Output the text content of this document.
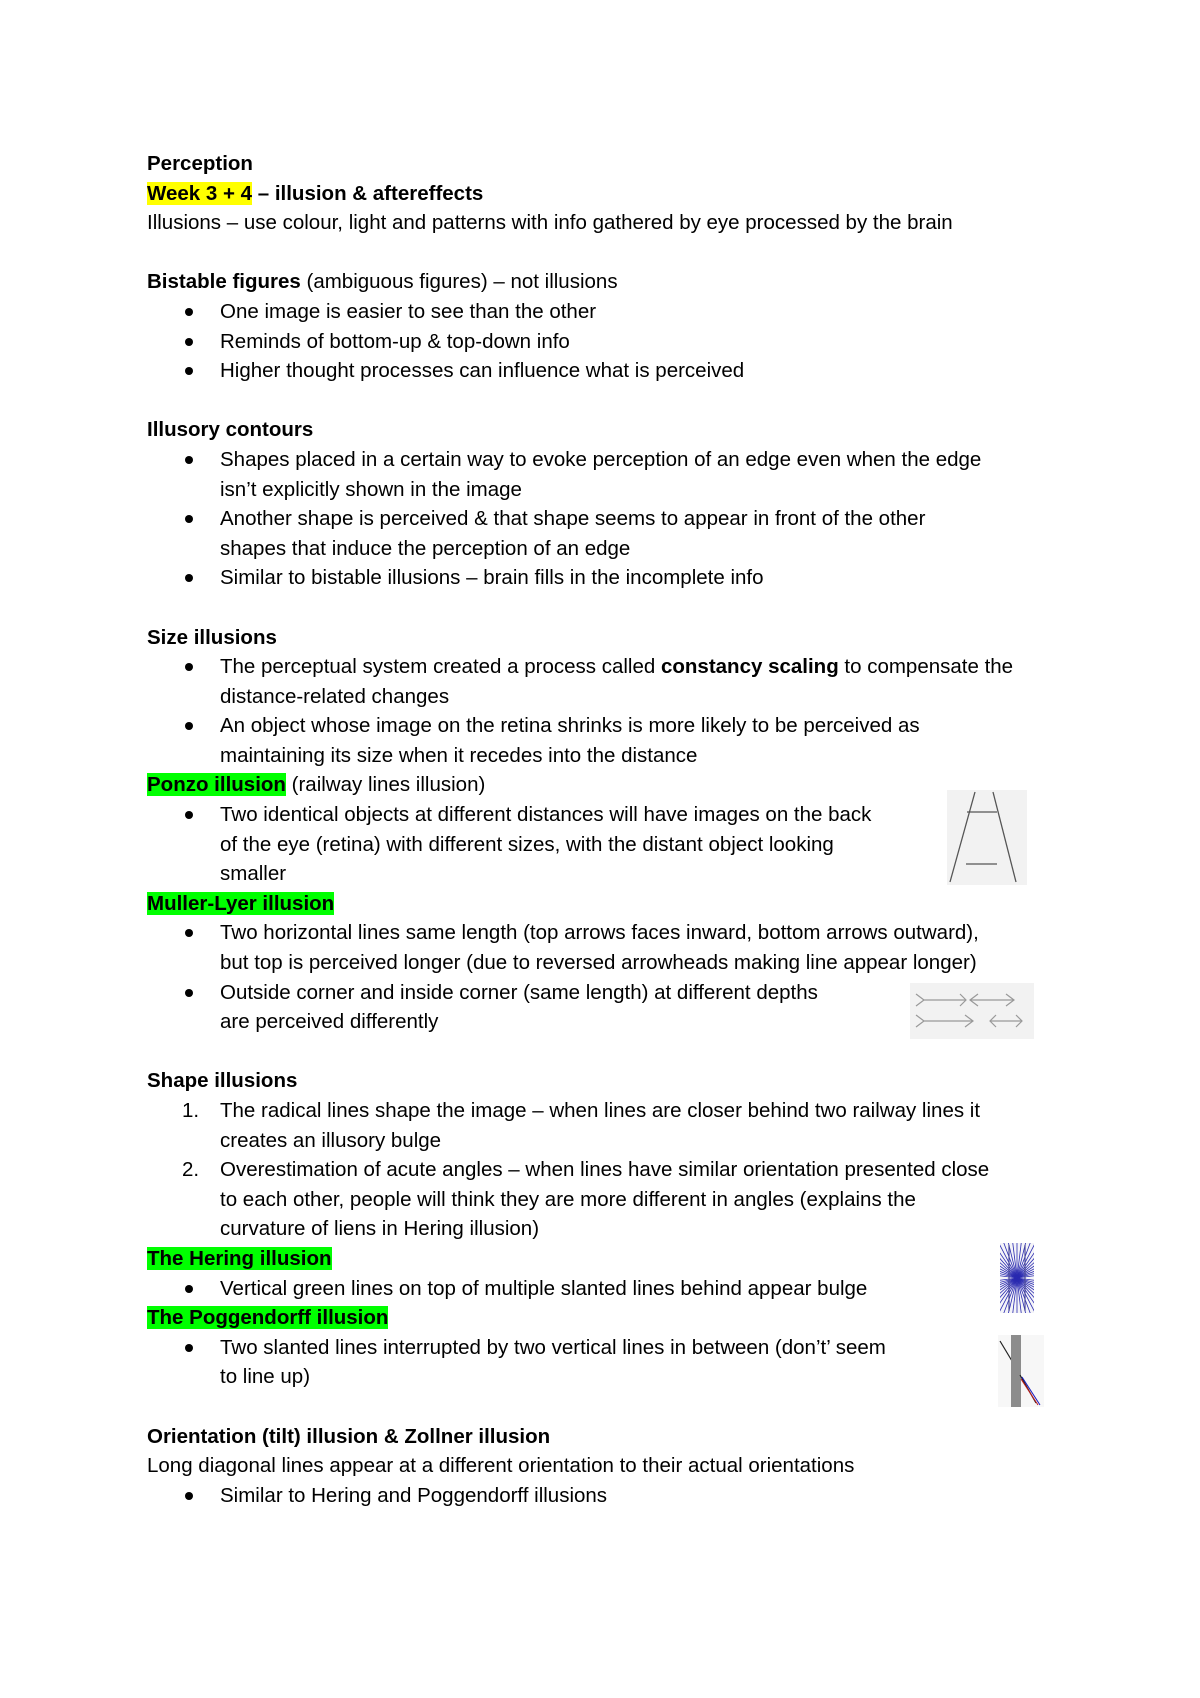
Perception
Week 3 + 4 – illusion & aftereffects
Illusions – use colour, light and patterns with info gathered by eye processed by the brain
Bistable figures (ambiguous figures) – not illusions
One image is easier to see than the other
Reminds of bottom-up & top-down info
Higher thought processes can influence what is perceived
Illusory contours
Shapes placed in a certain way to evoke perception of an edge even when the edge
isn’t explicitly shown in the image
Another shape is perceived & that shape seems to appear in front of the other
shapes that induce the perception of an edge
Similar to bistable illusions – brain fills in the incomplete info
Size illusions
The perceptual system created a process called constancy scaling to compensate the
distance-related changes
An object whose image on the retina shrinks is more likely to be perceived as
maintaining its size when it recedes into the distance
Ponzo illusion (railway lines illusion)
Two identical objects at different distances will have images on the back
of the eye (retina) with different sizes, with the distant object looking
smaller
Muller-Lyer illusion
Two horizontal lines same length (top arrows faces inward, bottom arrows outward),
but top is perceived longer (due to reversed arrowheads making line appear longer)
Outside corner and inside corner (same length) at different depths
are perceived differently
Shape illusions
1. The radical lines shape the image – when lines are closer behind two railway lines it
creates an illusory bulge
2. Overestimation of acute angles – when lines have similar orientation presented close
to each other, people will think they are more different in angles (explains the
curvature of liens in Hering illusion)
The Hering illusion
Vertical green lines on top of multiple slanted lines behind appear bulge
The Poggendorff illusion
Two slanted lines interrupted by two vertical lines in between (don’t’ seem
to line up)
Orientation (tilt) illusion & Zollner illusion
Long diagonal lines appear at a different orientation to their actual orientations
Similar to Hering and Poggendorff illusions
